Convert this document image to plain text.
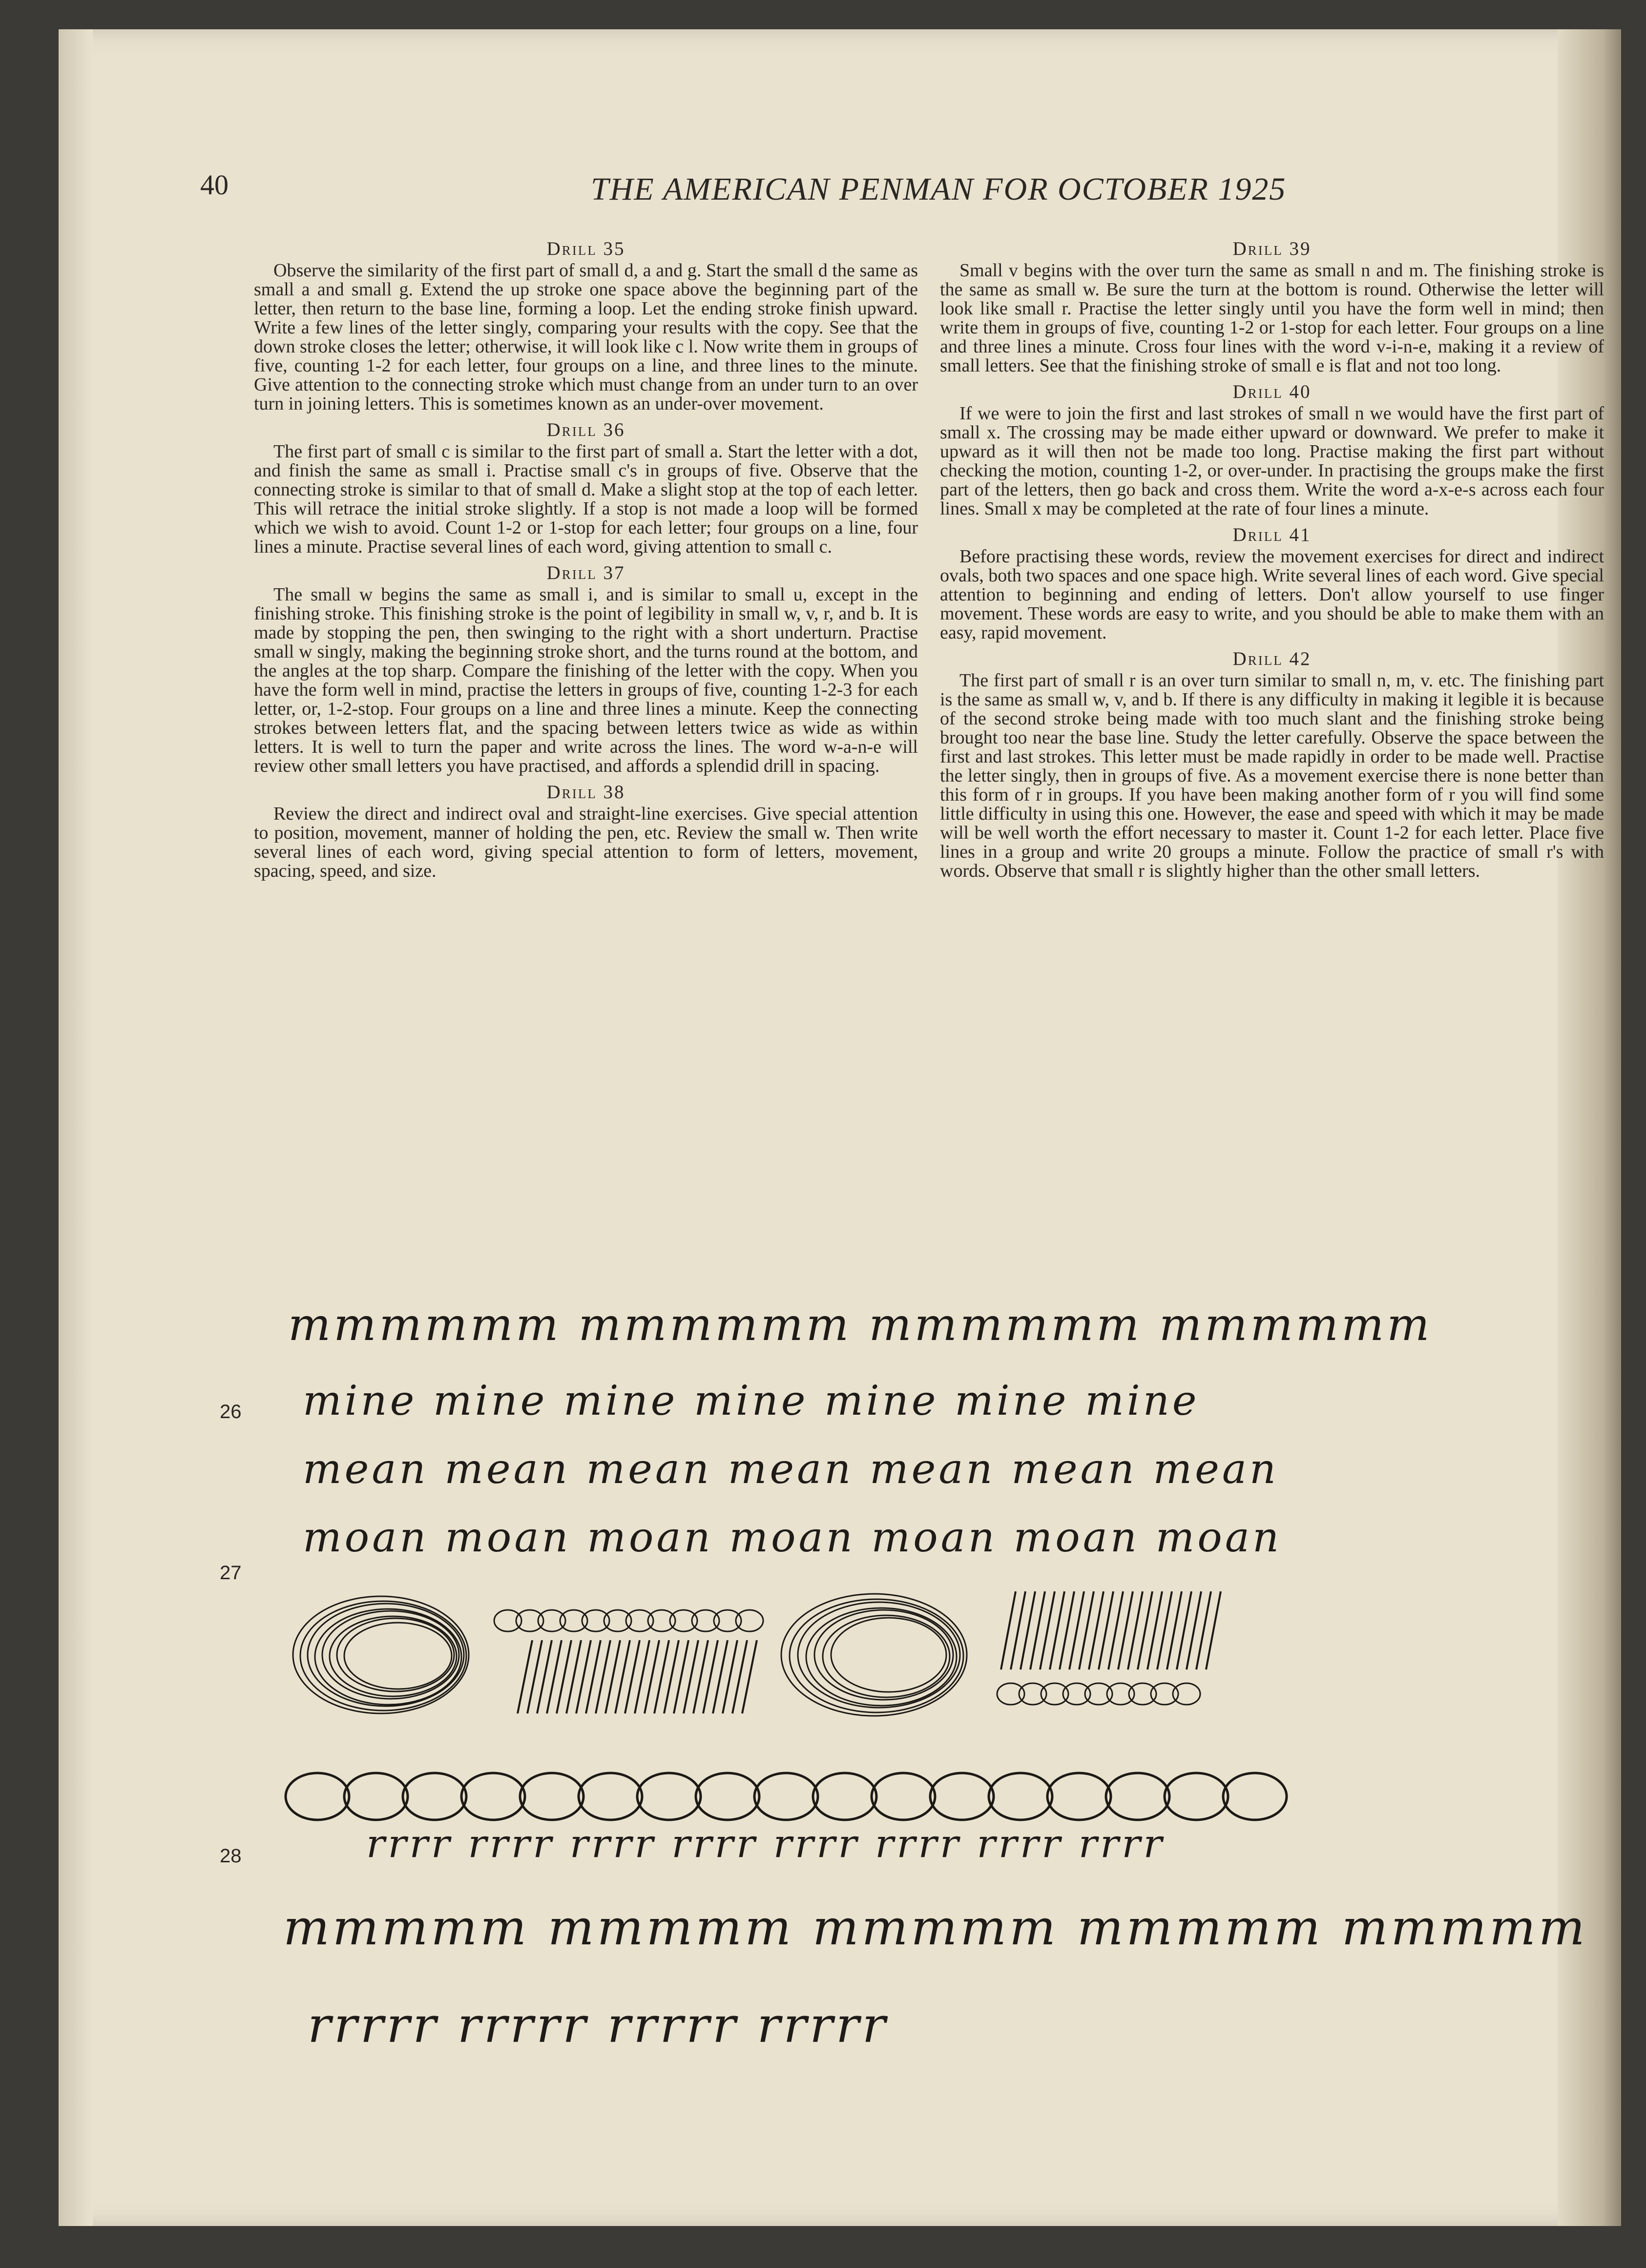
40	THE AMERICAN PENMAN FOR OCTOBER 1925
Drill 35

Observe the similarity of the first part of small d, a and g. Start the small d the same as small a and small g. Extend the up stroke one space above the beginning part of the letter, then return to the base line, forming a loop. Let the ending stroke finish upward. Write a few lines of the letter singly, comparing your results with the copy. See that the down stroke closes the letter; otherwise, it will look like c l. Now write them in groups of five, counting 1-2 for each letter, four groups on a line, and three lines to the minute. Give attention to the connecting stroke which must change from an under turn to an over turn in joining letters. This is sometimes known as an under-over movement.

Drill 36

The first part of small c is similar to the first part of small a. Start the letter with a dot, and finish the same as small i. Practise small c's in groups of five. Observe that the connecting stroke is similar to that of small d. Make a slight stop at the top of each letter. This will retrace the initial stroke slightly. If a stop is not made a loop will be formed which we wish to avoid. Count 1-2 or 1-stop for each letter; four groups on a line, four lines a minute. Practise several lines of each word, giving attention to small c.

Drill 37

The small w begins the same as small i, and is similar to small u, except in the finishing stroke. This finishing stroke is the point of legibility in small w, v, r, and b. It is made by stopping the pen, then swinging to the right with a short underturn. Practise small w singly, making the beginning stroke short, and the turns round at the bottom, and the angles at the top sharp. Compare the finishing of the letter with the copy. When you have the form well in mind, practise the letters in groups of five, counting 1-2-3 for each letter, or, 1-2-stop. Four groups on a line and three lines a minute. Keep the connecting strokes between letters flat, and the spacing between letters twice as wide as within letters. It is well to turn the paper and write across the lines. The word w-a-n-e will review other small letters you have practised, and affords a splendid drill in spacing.

Drill 38

Review the direct and indirect oval and straight-line exercises. Give special attention to position, movement, manner of holding the pen, etc. Review the small w. Then write several lines of each word, giving special attention to form of letters, movement, spacing, speed, and size.

Drill 39

Small v begins with the over turn the same as small n and m. The finishing stroke is the same as small w. Be sure the turn at the bottom is round. Otherwise the letter will look like small r. Practise the letter singly until you have the form well in mind; then write them in groups of five, counting 1-2 or 1-stop for each letter. Four groups on a line and three lines a minute. Cross four lines with the word v-i-n-e, making it a review of small letters. See that the finishing stroke of small e is flat and not too long.

Drill 40

If we were to join the first and last strokes of small n we would have the first part of small x. The crossing may be made either upward or downward. We prefer to make it upward as it will then not be made too long. Practise making the first part without checking the motion, counting 1-2, or over-under. In practising the groups make the first part of the letters, then go back and cross them. Write the word a-x-e-s across each four lines. Small x may be completed at the rate of four lines a minute.

Drill 41

Before practising these words, review the movement exercises for direct and indirect ovals, both two spaces and one space high. Write several lines of each word. Give special attention to beginning and ending of letters. Don't allow yourself to use finger movement. These words are easy to write, and you should be able to make them with an easy, rapid movement.

Drill 42

The first part of small r is an over turn similar to small n, m, v. etc. The finishing part is the same as small w, v, and b. If there is any difficulty in making it legible it is because of the second stroke being made with too much slant and the finishing stroke being brought too near the base line. Study the letter carefully. Observe the space between the first and last strokes. This letter must be made rapidly in order to be made well. Practise the letter singly, then in groups of five. As a movement exercise there is none better than this form of r in groups. If you have been making another form of r you will find some little difficulty in using this one. However, the ease and speed with which it may be made will be well worth the effort necessary to master it. Count 1-2 for each letter. Place five lines in a group and write 20 groups a minute. Follow the practice of small r's with words. Observe that small r is slightly higher than the other small letters.

26
27
28
mmmmmm mmmmmm mmmmmm mmmmmm
mine mine mine mine mine mine mine
mean mean mean mean mean mean mean
moan moan moan moan moan moan moan
rrrr rrrr rrrr rrrr rrrr rrrr rrrr rrrr
mmmmm mmmmm mmmmm mmmmm mmmmm
rrrrr rrrrr rrrrr rrrrr
